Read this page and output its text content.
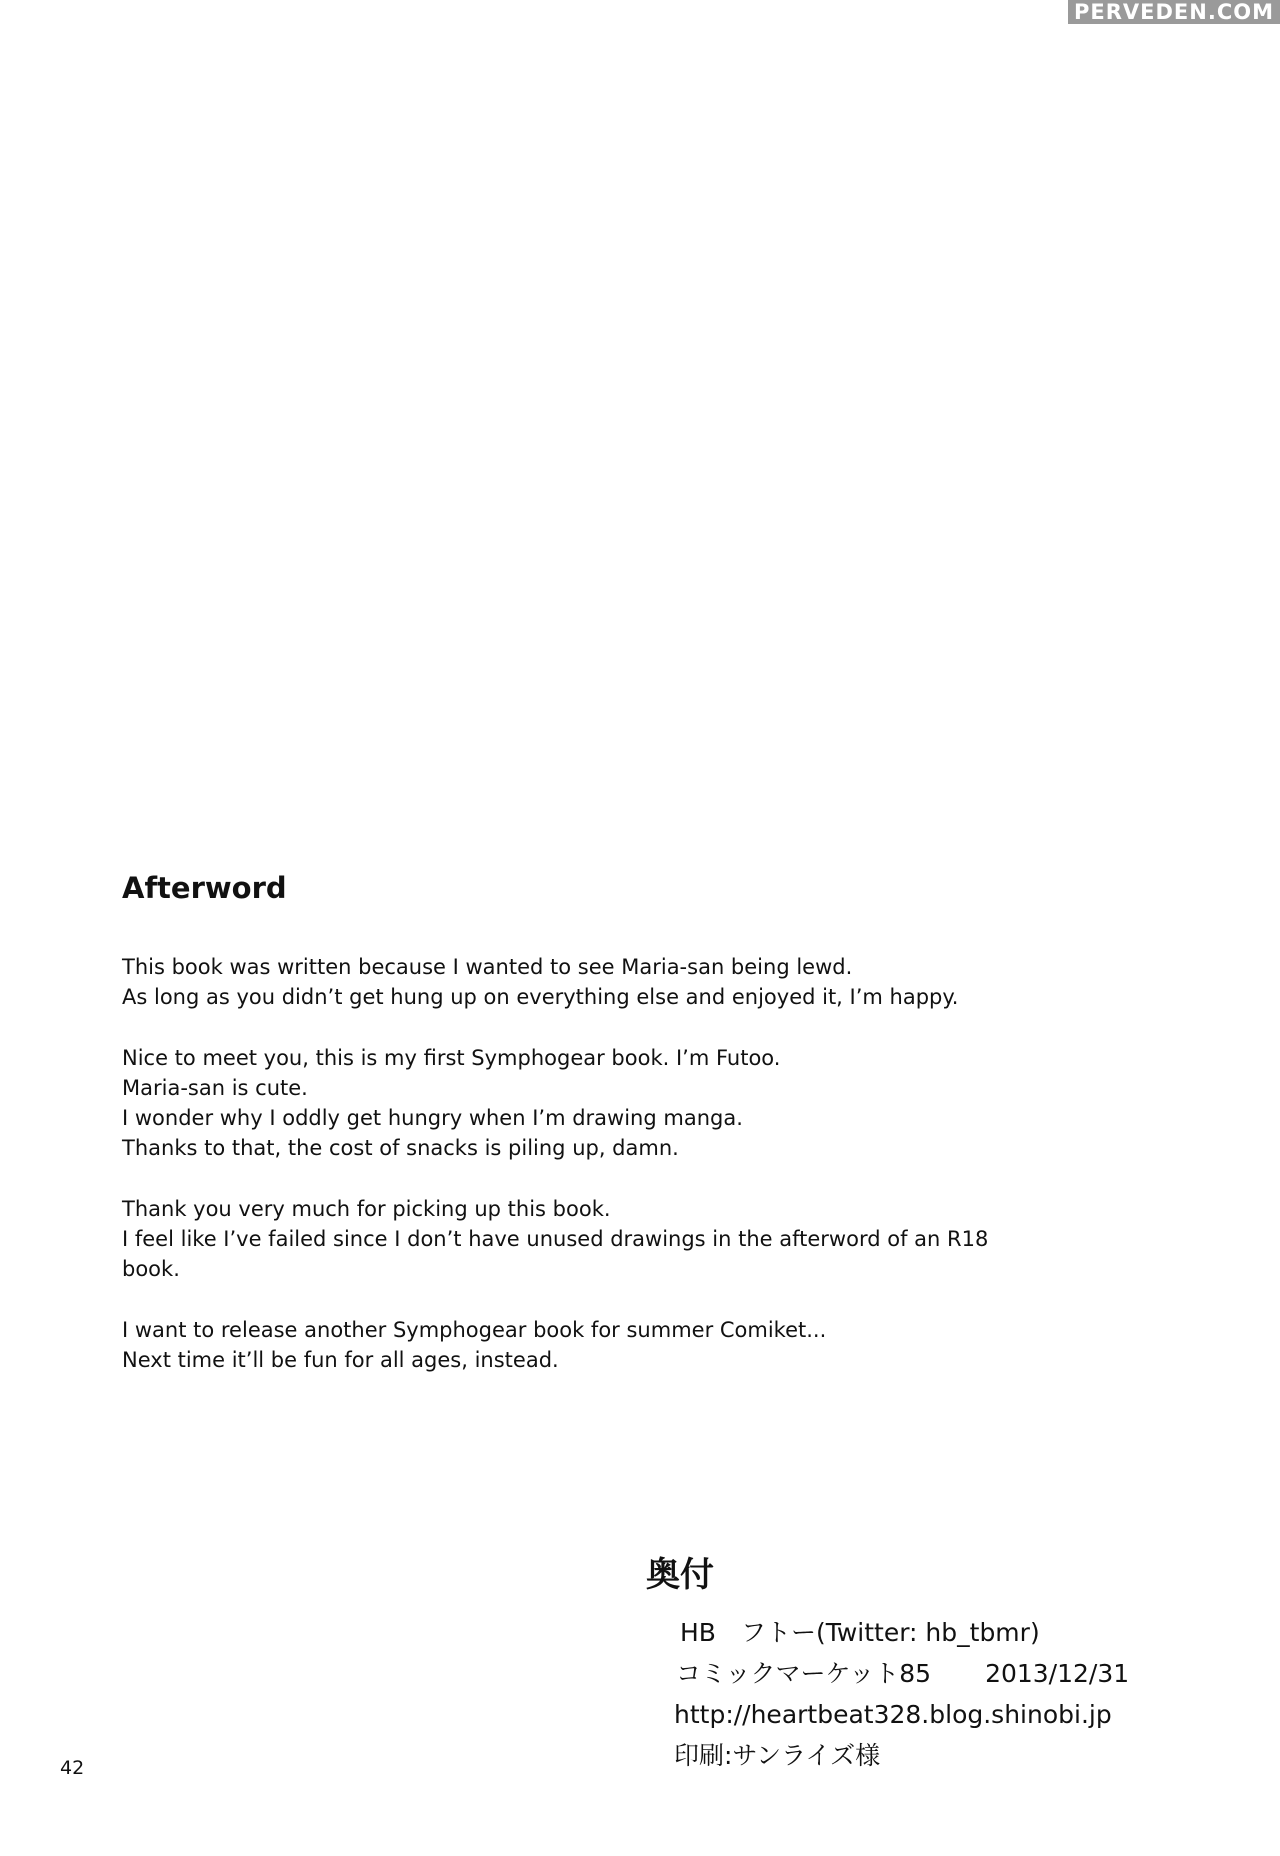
PERVEDEN.COM
Afterword
This book was written because I wanted to see Maria-san being lewd.
As long as you didn’t get hung up on everything else and enjoyed it, I’m happy.
Nice to meet you, this is my first Symphogear book. I’m Futoo.
Maria-san is cute.
I wonder why I oddly get hungry when I’m drawing manga.
Thanks to that, the cost of snacks is piling up, damn.
Thank you very much for picking up this book.
I feel like I’ve failed since I don’t have unused drawings in the afterword of an R18
book.
I want to release another Symphogear book for summer Comiket...
Next time it’ll be fun for all ages, instead.
奥付
HB　フトー(Twitter: hb_tbmr)
コミックマーケット85 2013/12/31
http://heartbeat328.blog.shinobi.jp
印刷:サンライズ様
42
